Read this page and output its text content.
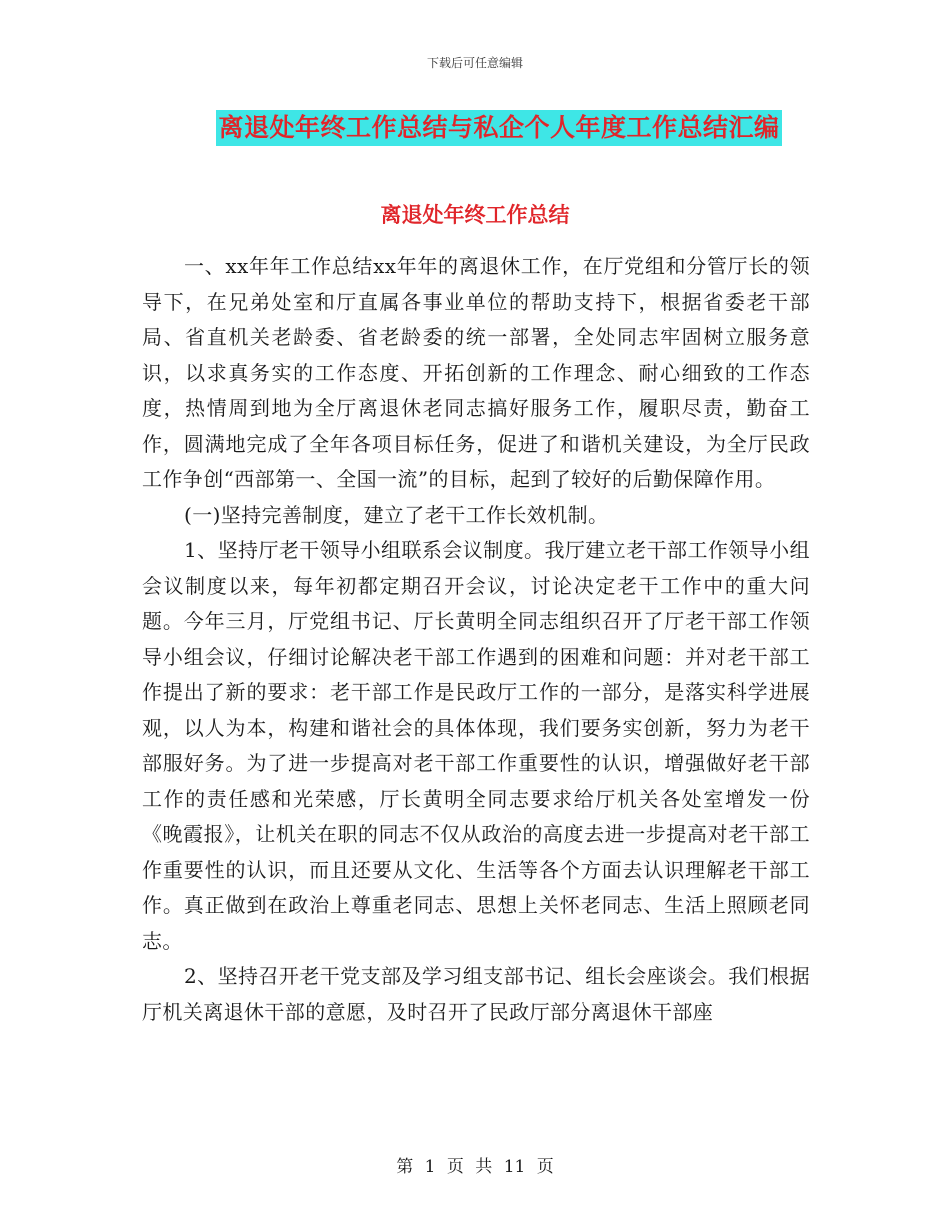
下载后可任意编辑
离退处年终工作总结与私企个人年度工作总结汇编
离退处年终工作总结

一、xx年年工作总结xx年年的离退休工作，在厅党组和分管厅长的领导下，在兄弟处室和厅直属各事业单位的帮助支持下，根据省委老干部局、省直机关老龄委、省老龄委的统一部署，全处同志牢固树立服务意识，以求真务实的工作态度、开拓创新的工作理念、耐心细致的工作态度，热情周到地为全厅离退休老同志搞好服务工作，履职尽责，勤奋工作，圆满地完成了全年各项目标任务，促进了和谐机关建设，为全厅民政工作争创“西部第一、全国一流”的目标，起到了较好的后勤保障作用。

(一)坚持完善制度，建立了老干工作长效机制。

1、坚持厅老干领导小组联系会议制度。我厅建立老干部工作领导小组会议制度以来，每年初都定期召开会议，讨论决定老干工作中的重大问题。今年三月，厅党组书记、厅长黄明全同志组织召开了厅老干部工作领导小组会议，仔细讨论解决老干部工作遇到的困难和问题：并对老干部工作提出了新的要求：老干部工作是民政厅工作的一部分，是落实科学进展观，以人为本，构建和谐社会的具体体现，我们要务实创新，努力为老干部服好务。为了进一步提高对老干部工作重要性的认识，增强做好老干部工作的责任感和光荣感，厅长黄明全同志要求给厅机关各处室增发一份《晚霞报》，让机关在职的同志不仅从政治的高度去进一步提高对老干部工作重要性的认识，而且还要从文化、生活等各个方面去认识理解老干部工作。真正做到在政治上尊重老同志、思想上关怀老同志、生活上照顾老同志。

2、坚持召开老干党支部及学习组支部书记、组长会座谈会。我们根据厅机关离退休干部的意愿，及时召开了民政厅部分离退休干部座

第 1 页 共 11 页
